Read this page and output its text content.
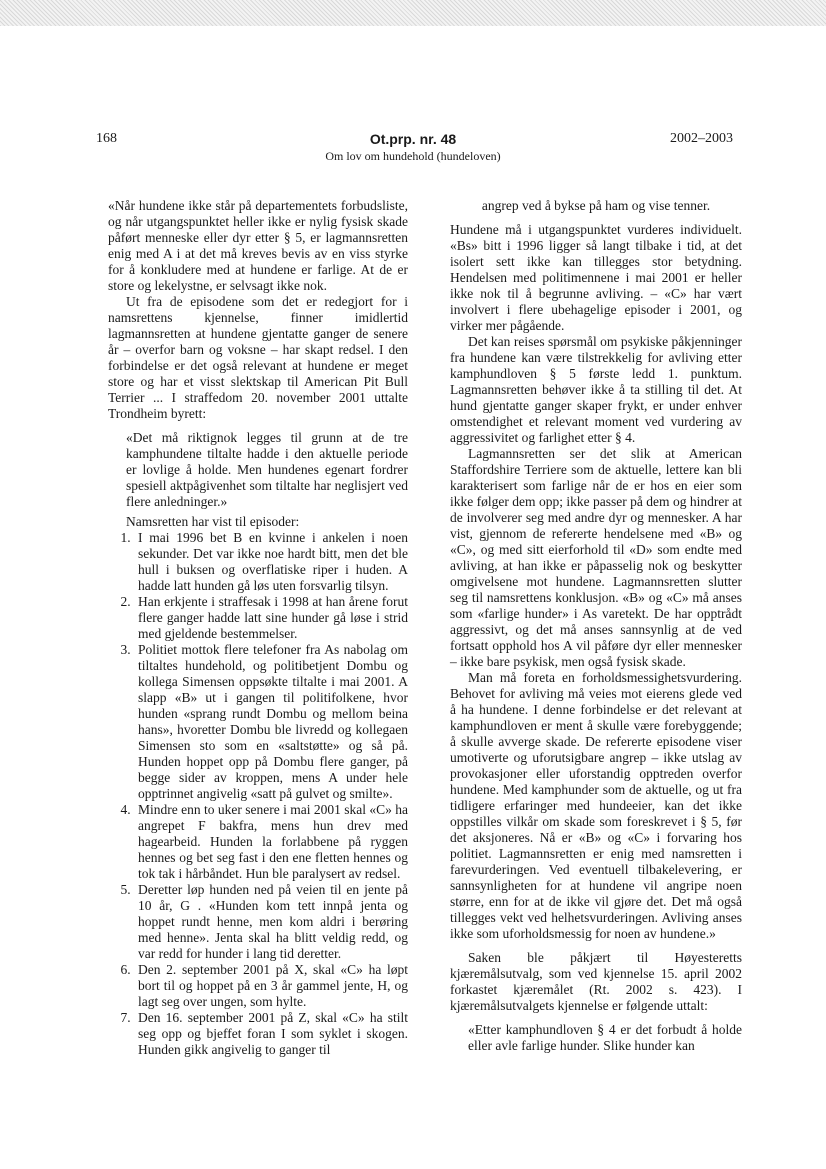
168	Ot.prp. nr. 48
Om lov om hundehold (hundeloven)
2002–2003

«Når hundene ikke står på departementets forbudsliste, og når utgangspunktet heller ikke er nylig fysisk skade påført menneske eller dyr etter § 5, er lagmannsretten enig med A i at det må kreves bevis av en viss styrke for å konkludere med at hundene er farlige. At de er store og lekelystne, er selvsagt ikke nok.

Ut fra de episodene som det er redegjort for i namsrettens kjennelse, finner imidlertid lagmannsretten at hundene gjentatte ganger de senere år – overfor barn og voksne – har skapt redsel. I den forbindelse er det også relevant at hundene er meget store og har et visst slektskap til American Pit Bull Terrier ... I straffedom 20. november 2001 uttalte Trondheim byrett:

«Det må riktignok legges til grunn at de tre kamphundene tiltalte hadde i den aktuelle periode er lovlige å holde. Men hundenes egenart fordrer spesiell aktpågivenhet som tiltalte har neglisjert ved flere anledninger.»

Namsretten har vist til episoder:

1. I mai 1996 bet B en kvinne i ankelen i noen sekunder. Det var ikke noe hardt bitt, men det ble hull i buksen og overflatiske riper i huden. A hadde latt hunden gå løs uten forsvarlig tilsyn.
2. Han erkjente i straffesak i 1998 at han årene forut flere ganger hadde latt sine hunder gå løse i strid med gjeldende bestemmelser.
3. Politiet mottok flere telefoner fra As nabolag om tiltaltes hundehold, og politibetjent Dombu og kollega Simensen oppsøkte tiltalte i mai 2001. A slapp «B» ut i gangen til politifolkene, hvor hunden «sprang rundt Dombu og mellom beina hans», hvoretter Dombu ble livredd og kollegaen Simensen sto som en «saltstøtte» og så på. Hunden hoppet opp på Dombu flere ganger, på begge sider av kroppen, mens A under hele opptrinnet angivelig «satt på gulvet og smilte».
4. Mindre enn to uker senere i mai 2001 skal «C» ha angrepet F bakfra, mens hun drev med hagearbeid. Hunden la forlabbene på ryggen hennes og bet seg fast i den ene fletten hennes og tok tak i hårbåndet. Hun ble paralysert av redsel.
5. Deretter løp hunden ned på veien til en jente på 10 år, G . «Hunden kom tett innpå jenta og hoppet rundt henne, men kom aldri i berøring med henne». Jenta skal ha blitt veldig redd, og var redd for hunder i lang tid deretter.
6. Den 2. september 2001 på X, skal «C» ha løpt bort til og hoppet på en 3 år gammel jente, H, og lagt seg over ungen, som hylte.
7. Den 16. september 2001 på Z, skal «C» ha stilt seg opp og bjeffet foran I som syklet i skogen. Hunden gikk angivelig to ganger til

angrep ved å bykse på ham og vise tenner.

Hundene må i utgangspunktet vurderes individuelt. «Bs» bitt i 1996 ligger så langt tilbake i tid, at det isolert sett ikke kan tillegges stor betydning. Hendelsen med politimennene i mai 2001 er heller ikke nok til å begrunne avliving. – «C» har vært involvert i flere ubehagelige episoder i 2001, og virker mer pågående.

Det kan reises spørsmål om psykiske påkjenninger fra hundene kan være tilstrekkelig for avliving etter kamphundloven § 5 første ledd 1. punktum. Lagmannsretten behøver ikke å ta stilling til det. At hund gjentatte ganger skaper frykt, er under enhver omstendighet et relevant moment ved vurdering av aggressivitet og farlighet etter § 4.

Lagmannsretten ser det slik at American Staffordshire Terriere som de aktuelle, lettere kan bli karakterisert som farlige når de er hos en eier som ikke følger dem opp; ikke passer på dem og hindrer at de involverer seg med andre dyr og mennesker. A har vist, gjennom de refererte hendelsene med «B» og «C», og med sitt eierforhold til «D» som endte med avliving, at han ikke er påpasselig nok og beskytter omgivelsene mot hundene. Lagmannsretten slutter seg til namsrettens konklusjon. «B» og «C» må anses som «farlige hunder» i As varetekt. De har opptrådt aggressivt, og det må anses sannsynlig at de ved fortsatt opphold hos A vil påføre dyr eller mennesker – ikke bare psykisk, men også fysisk skade.

Man må foreta en forholdsmessighetsvurdering. Behovet for avliving må veies mot eierens glede ved å ha hundene. I denne forbindelse er det relevant at kamphundloven er ment å skulle være forebyggende; å skulle avverge skade. De refererte episodene viser umotiverte og uforutsigbare angrep – ikke utslag av provokasjoner eller uforstandig opptreden overfor hundene. Med kamphunder som de aktuelle, og ut fra tidligere erfaringer med hundeeier, kan det ikke oppstilles vilkår om skade som foreskrevet i § 5, før det aksjoneres. Nå er «B» og «C» i forvaring hos politiet. Lagmannsretten er enig med namsretten i farevurderingen. Ved eventuell tilbakelevering, er sannsynligheten for at hundene vil angripe noen større, enn for at de ikke vil gjøre det. Det må også tillegges vekt ved helhetsvurderingen. Avliving anses ikke som uforholdsmessig for noen av hundene.»

Saken ble påkjært til Høyesteretts kjæremålsutvalg, som ved kjennelse 15. april 2002 forkastet kjæremålet (Rt. 2002 s. 423). I kjæremålsutvalgets kjennelse er følgende uttalt:

«Etter kamphundloven § 4 er det forbudt å holde eller avle farlige hunder. Slike hunder kan
